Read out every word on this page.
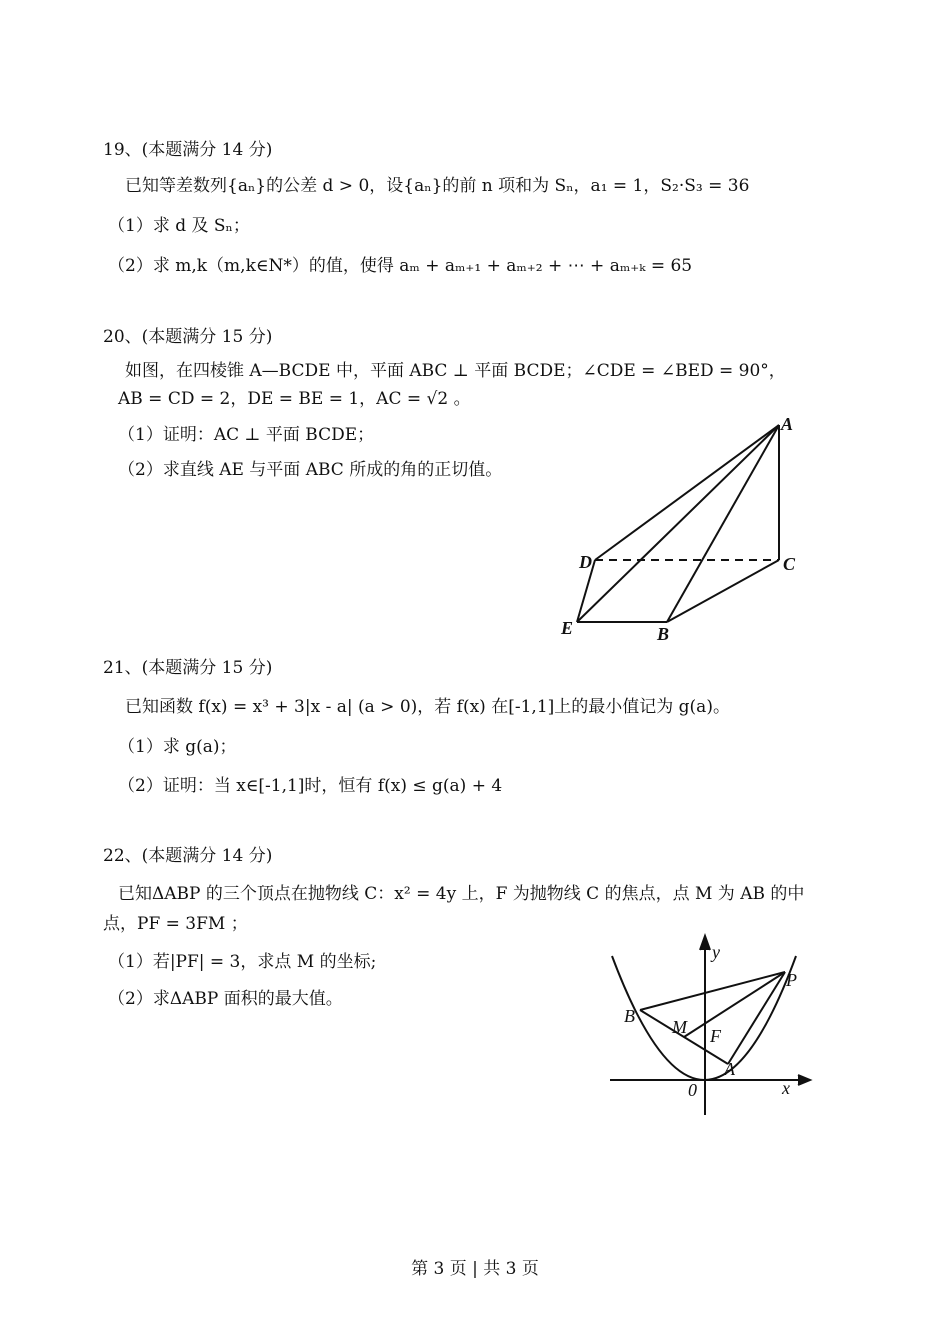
19、(本题满分 14 分)
已知等差数列{aₙ}的公差 d > 0，设{aₙ}的前 n 项和为 Sₙ，a₁ = 1，S₂·S₃ = 36
（1）求 d 及 Sₙ；
（2）求 m,k（m,k∈N*）的值，使得 aₘ + aₘ₊₁ + aₘ₊₂ + ⋯ + aₘ₊ₖ = 65
20、(本题满分 15 分)
如图，在四棱锥 A—BCDE 中，平面 ABC ⊥ 平面 BCDE；∠CDE = ∠BED = 90°，
AB = CD = 2，DE = BE = 1，AC = √2 。
（1）证明：AC ⊥ 平面 BCDE；
（2）求直线 AE 与平面 ABC 所成的角的正切值。
A
C
D
E	B
21、(本题满分 15 分)
已知函数 f(x) = x³ + 3|x - a| (a > 0)，若 f(x) 在[-1,1]上的最小值记为 g(a)。
（1）求 g(a)；
（2）证明：当 x∈[-1,1]时，恒有 f(x) ≤ g(a) + 4
22、(本题满分 14 分)
已知ΔABP 的三个顶点在抛物线 C：x² = 4y 上，F 为抛物线 C 的焦点，点 M 为 AB 的中
点，PF = 3FM ；
（1）若|PF| = 3，求点 M 的坐标;
（2）求ΔABP 面积的最大值。
y
x
P
B
M F
A
0
第 3 页 | 共 3 页
